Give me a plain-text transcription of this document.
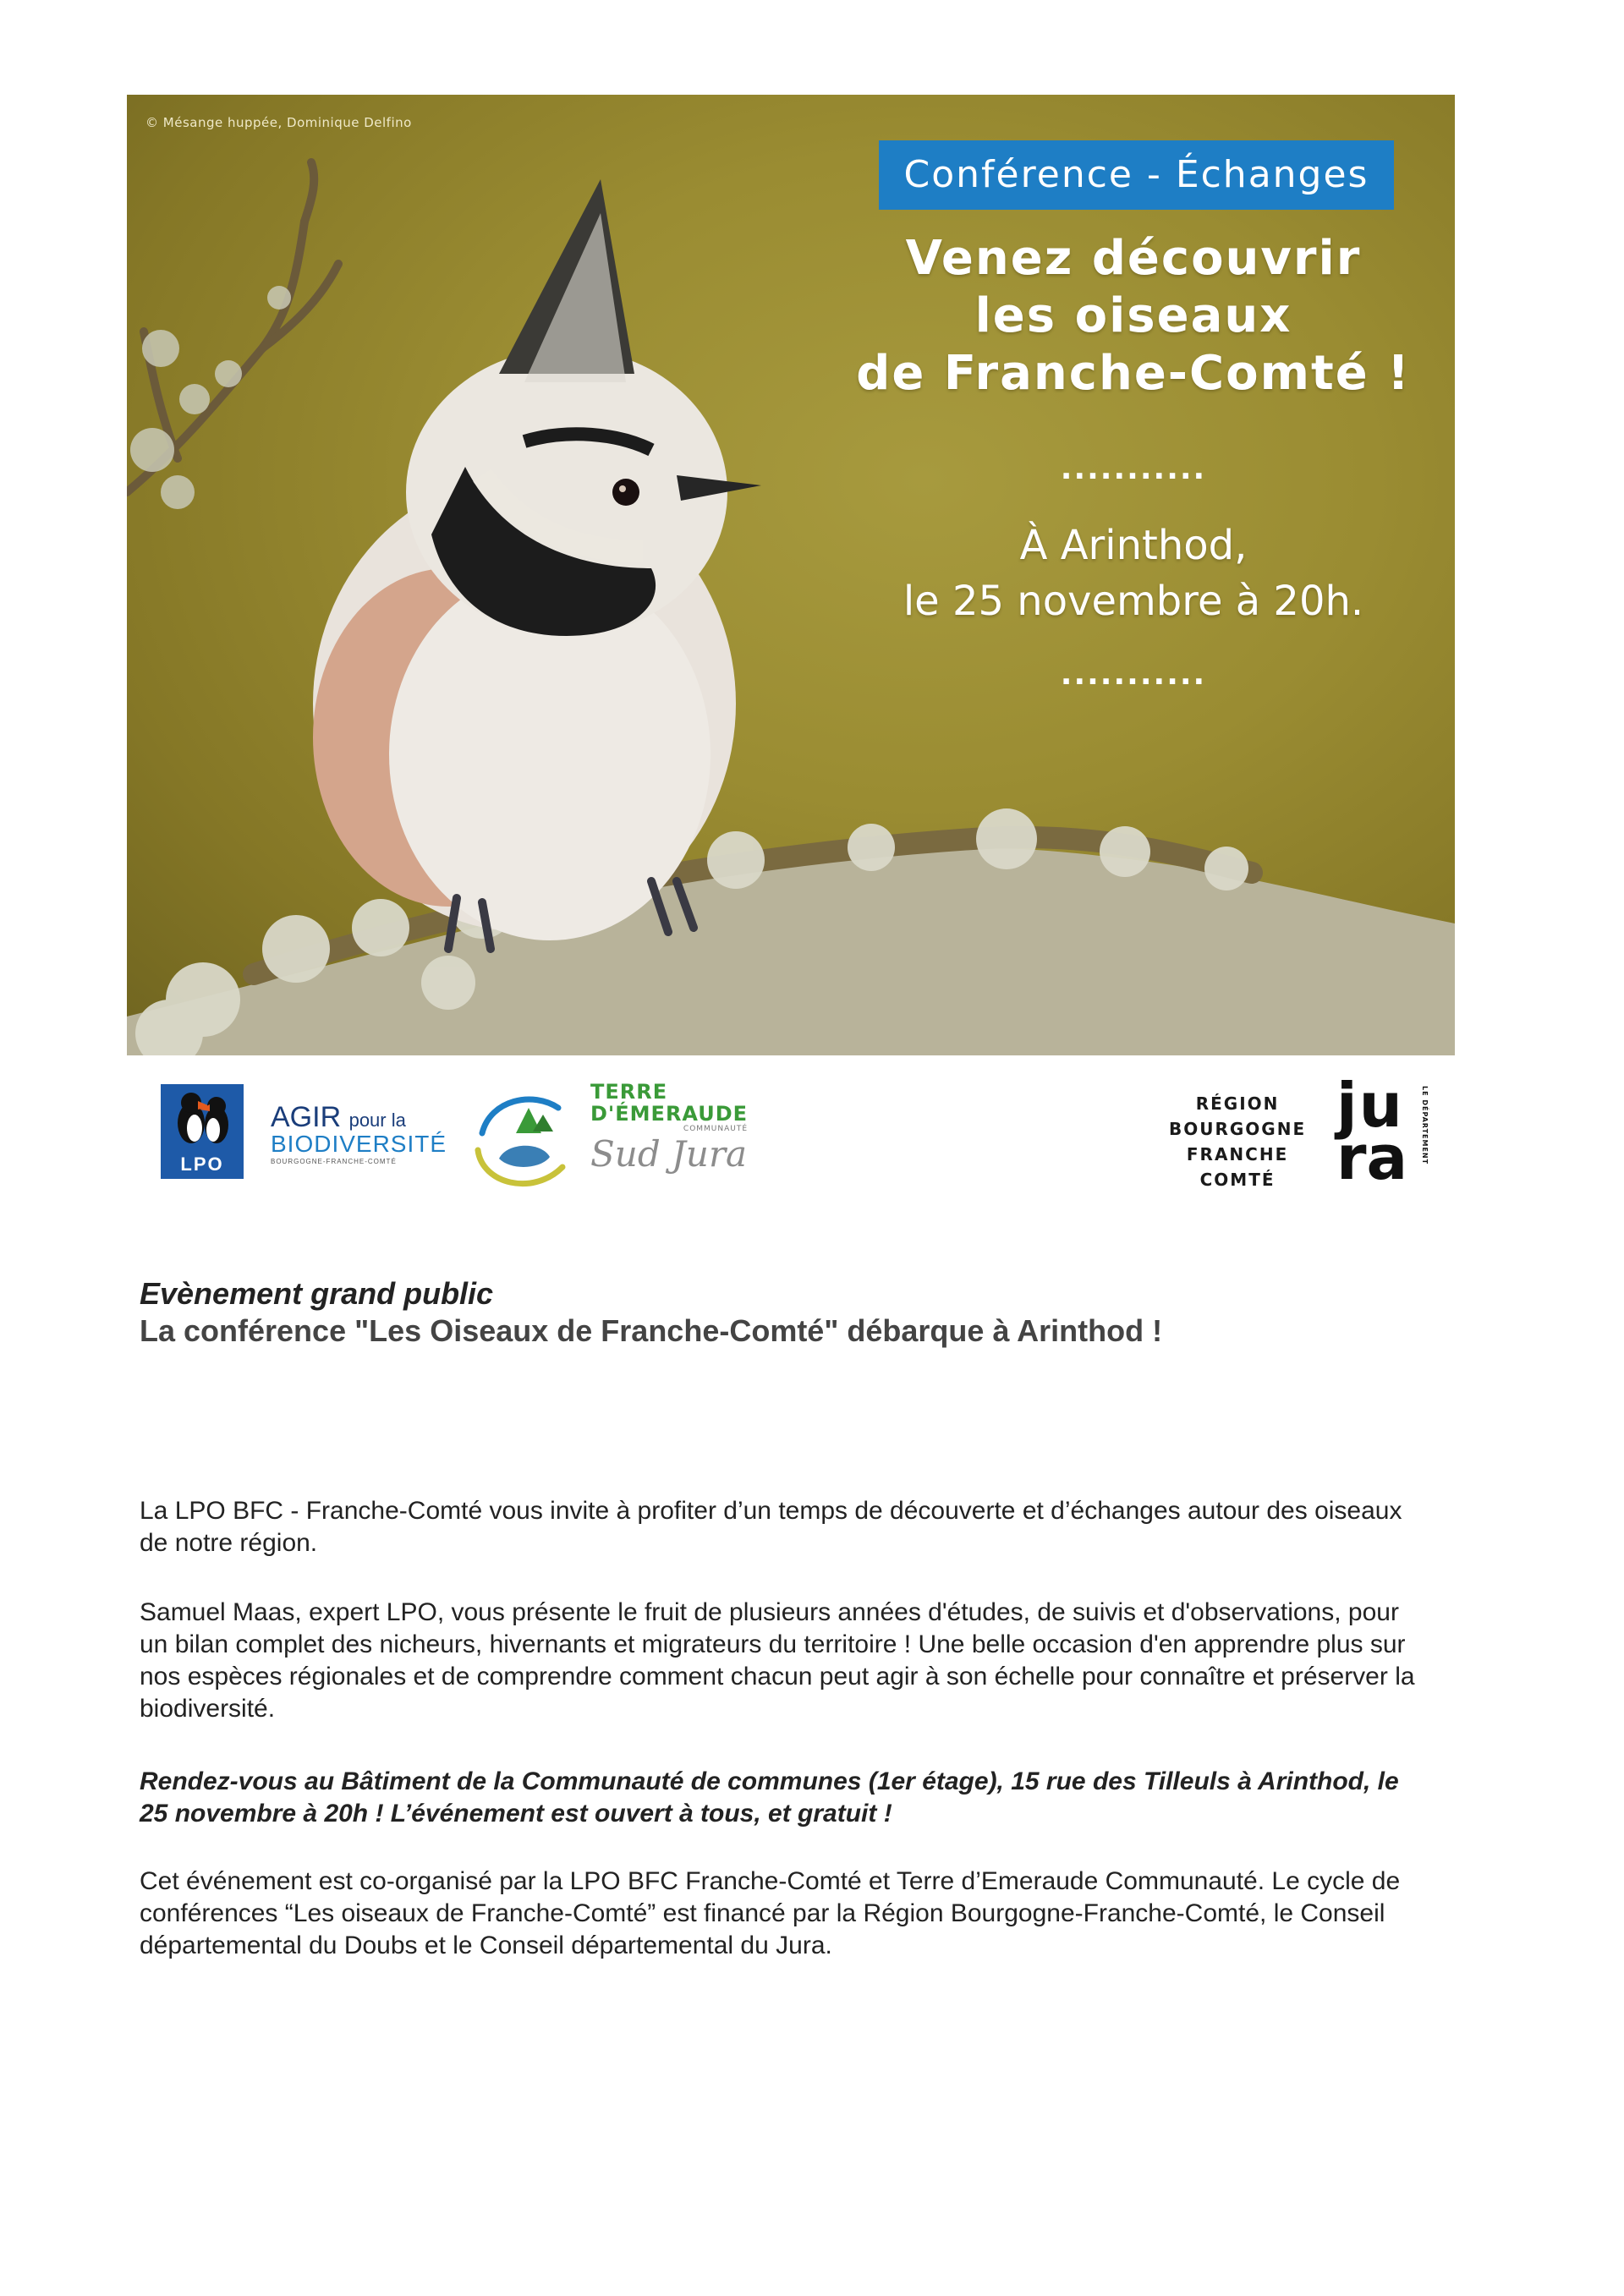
© Mésange huppée, Dominique Delfino
Conférence - Échanges
Venez découvrir
les oiseaux
de Franche-Comté !
...........
À Arinthod,
le 25 novembre à 20h.
...........
LPO
AGIR pour la
BIODIVERSITÉ
BOURGOGNE-FRANCHE-COMTÉ
TERRE
D'ÉMERAUDE
COMMUNAUTÉ
Sud Jura
RÉGION
BOURGOGNE
FRANCHE
COMTÉ
ju
ra LE DÉPARTEMENT

Evènement grand public

La conférence "Les Oiseaux de Franche-Comté" débarque à Arinthod !

La LPO BFC - Franche-Comté vous invite à profiter d’un temps de découverte et d’échanges autour des oiseaux de notre région.

Samuel Maas, expert LPO, vous présente le fruit de plusieurs années d'études, de suivis et d'observations, pour un bilan complet des nicheurs, hivernants et migrateurs du territoire ! Une belle occasion d'en apprendre plus sur nos espèces régionales et de comprendre comment chacun peut agir à son échelle pour connaître et préserver la biodiversité.

Rendez-vous au Bâtiment de la Communauté de communes (1er étage), 15 rue des Tilleuls à Arinthod, le 25 novembre à 20h ! L’événement est ouvert à tous, et gratuit !

Cet événement est co-organisé par la LPO BFC Franche-Comté et Terre d’Emeraude Communauté. Le cycle de conférences “Les oiseaux de Franche-Comté” est financé par la Région Bourgogne-Franche-Comté, le Conseil départemental du Doubs et le Conseil départemental du Jura.
